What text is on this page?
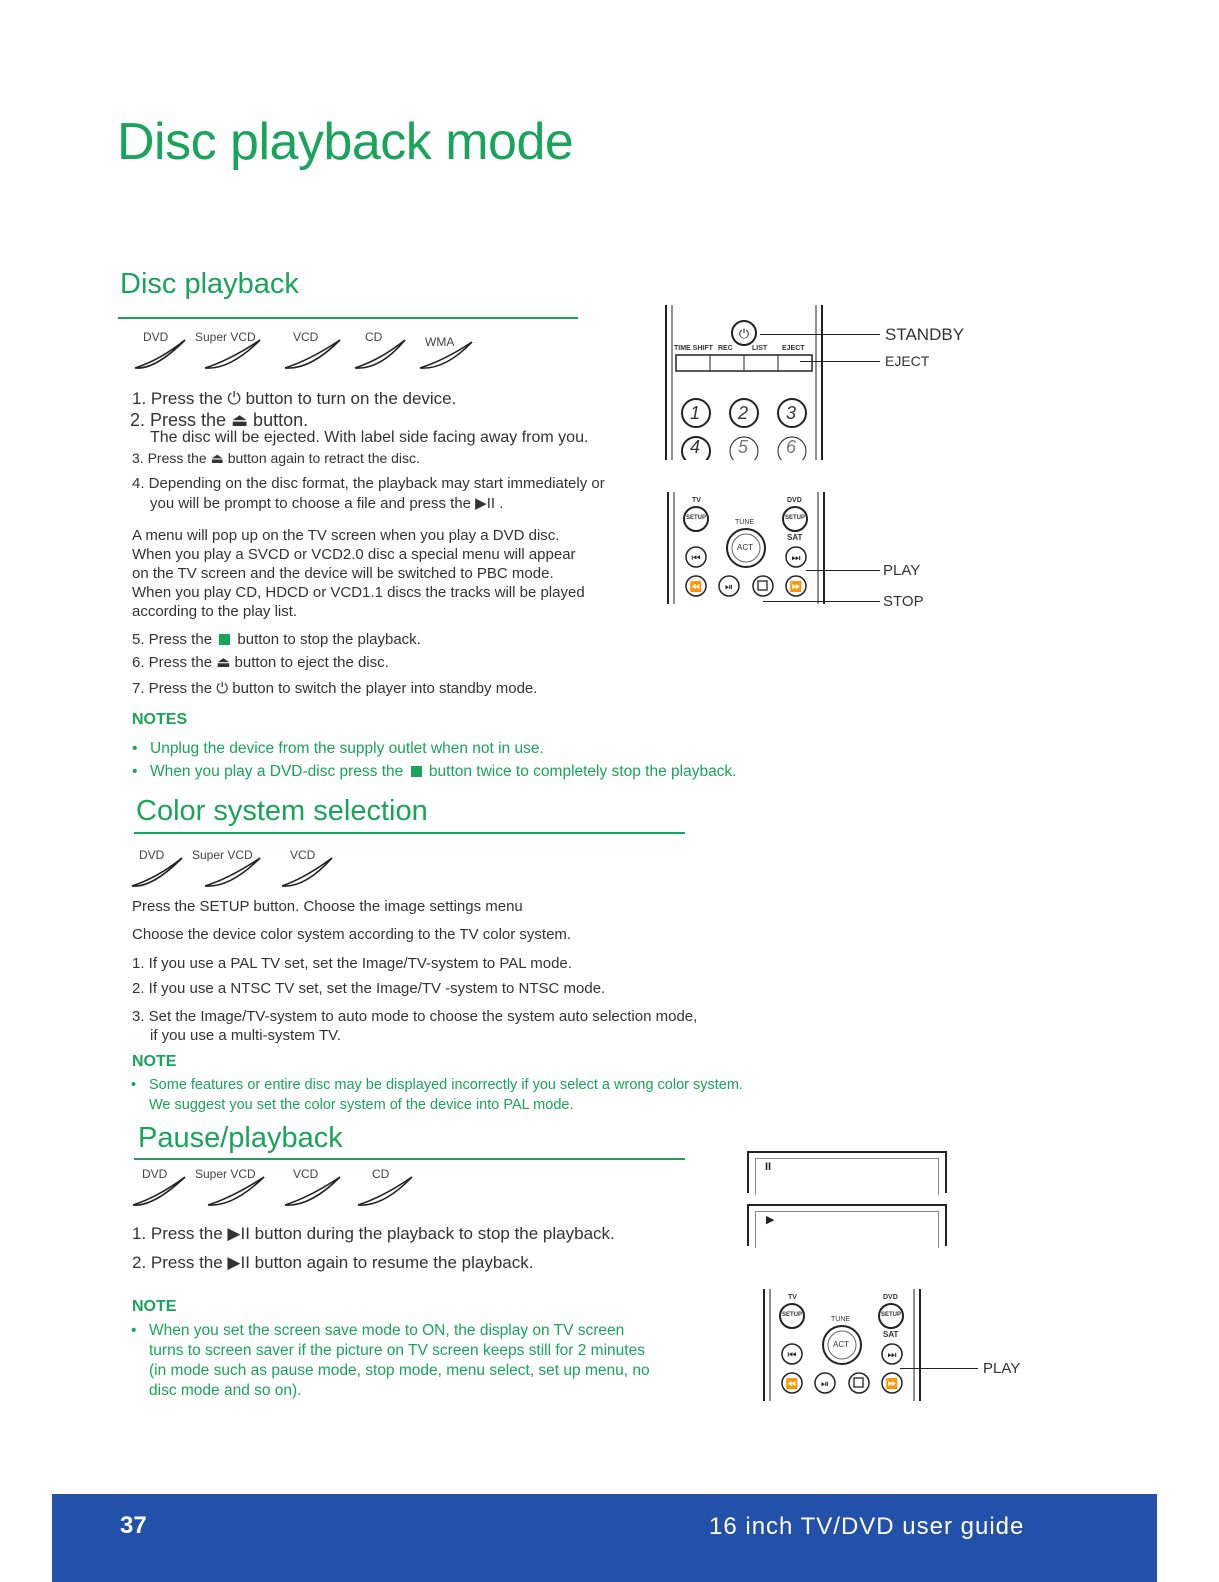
Disc playback mode
Disc playback
DVD Super VCD	VCD	CD	WMA
1. Press the ⏻ button to turn on the device.
2. Press the ⏏ button.
The disc will be ejected. With label side facing away from you.
3. Press the ⏏ button again to retract the disc.
4. Depending on the disc format, the playback may start immediately or
you will be prompt to choose a file and press the ▶II .
A menu will pop up on the TV screen when you play a DVD disc.
When you play a SVCD or VCD2.0 disc a special menu will appear
on the TV screen and the device will be switched to PBC mode.
When you play CD, HDCD or VCD1.1 discs the tracks will be played
according to the play list.
5. Press the button to stop the playback.
6. Press the ⏏ button to eject the disc.
7. Press the ⏻ button to switch the player into standby mode.
NOTES
• Unplug the device from the supply outlet when not in use.
• When you play a DVD-disc press the button twice to completely stop the playback.
⏻
TIME SHIFT REC	LIST EJECT
1 2 3
4 5 6
STANDBY
EJECT
⏮	⏭
⏪ ⏯	⏩
TV	DVD
SETUP	SETUP
TUNE
SAT
ACT
PLAY
STOP
Color system selection
DVD Super VCD	VCD
Press the SETUP button. Choose the image settings menu
Choose the device color system according to the TV color system.
1. If you use a PAL TV set, set the Image/TV-system to PAL mode.
2. If you use a NTSC TV set, set the Image/TV -system to NTSC mode.
3. Set the Image/TV-system to auto mode to choose the system auto selection mode,
if you use a multi-system TV.
NOTE
• Some features or entire disc may be displayed incorrectly if you select a wrong color system.
We suggest you set the color system of the device into PAL mode.
Pause/playback
DVD Super VCD	VCD	CD
1. Press the ▶II button during the playback to stop the playback.
2. Press the ▶II button again to resume the playback.
NOTE
• When you set the screen save mode to ON, the display on TV screen
turns to screen saver if the picture on TV screen keeps still for 2 minutes
(in mode such as pause mode, stop mode, menu select, set up menu, no
disc mode and so on).
II
▶
⏮	⏭
⏪ ⏯	⏩
TV	DVD
SETUP	SETUP
TUNE
SAT
ACT
PLAY
37	16 inch TV/DVD user guide
